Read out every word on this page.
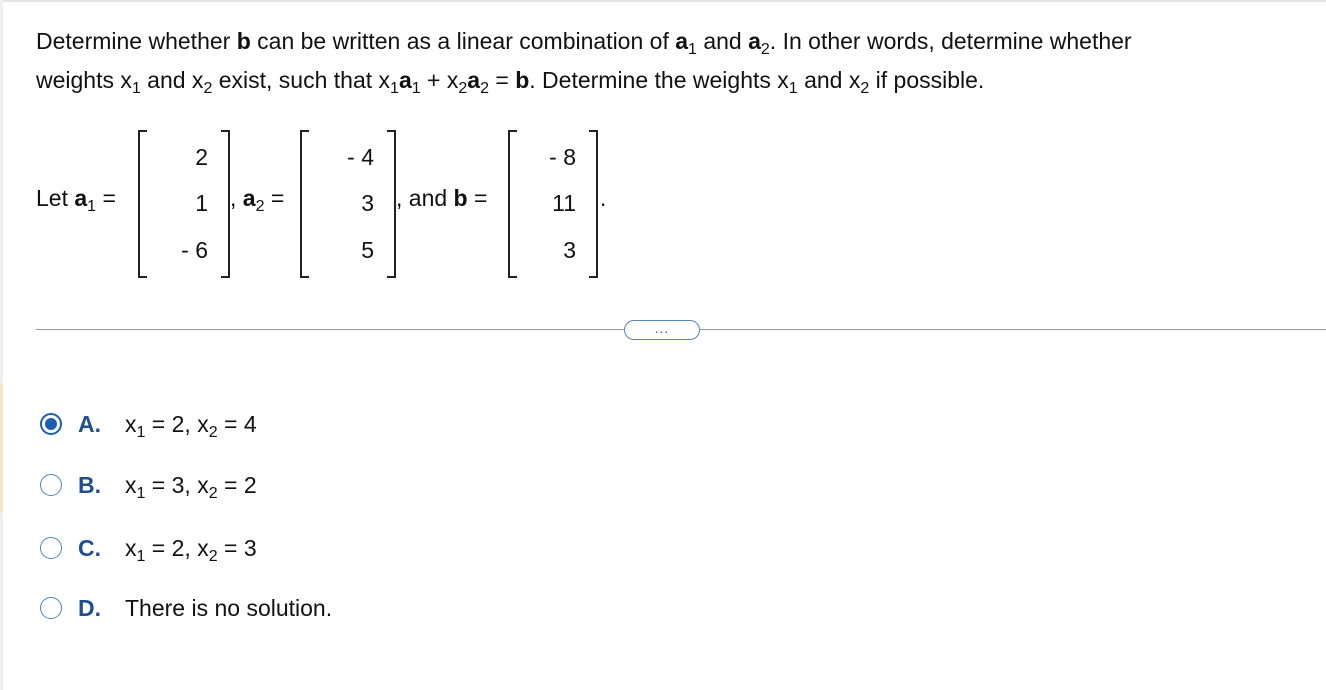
Determine whether b can be written as a linear combination of $a_1$ and $a_2$. In other words, determine whether
weights $x_1$ and $x_2$ exist, such that $x_1a_1 + x_2a_2 = b$. Determine the weights $x_1$ and $x_2$ if possible.
Let $a_1$ =
2
1
- 6
, $a_2$ =
- 4
3
5
, and b =
- 8
11
3
.
...
A. $x_1 = 2$, $x_2 = 4$
B. $x_1 = 3$, $x_2 = 2$
C. $x_1 = 2$, $x_2 = 3$
D. There is no solution.
